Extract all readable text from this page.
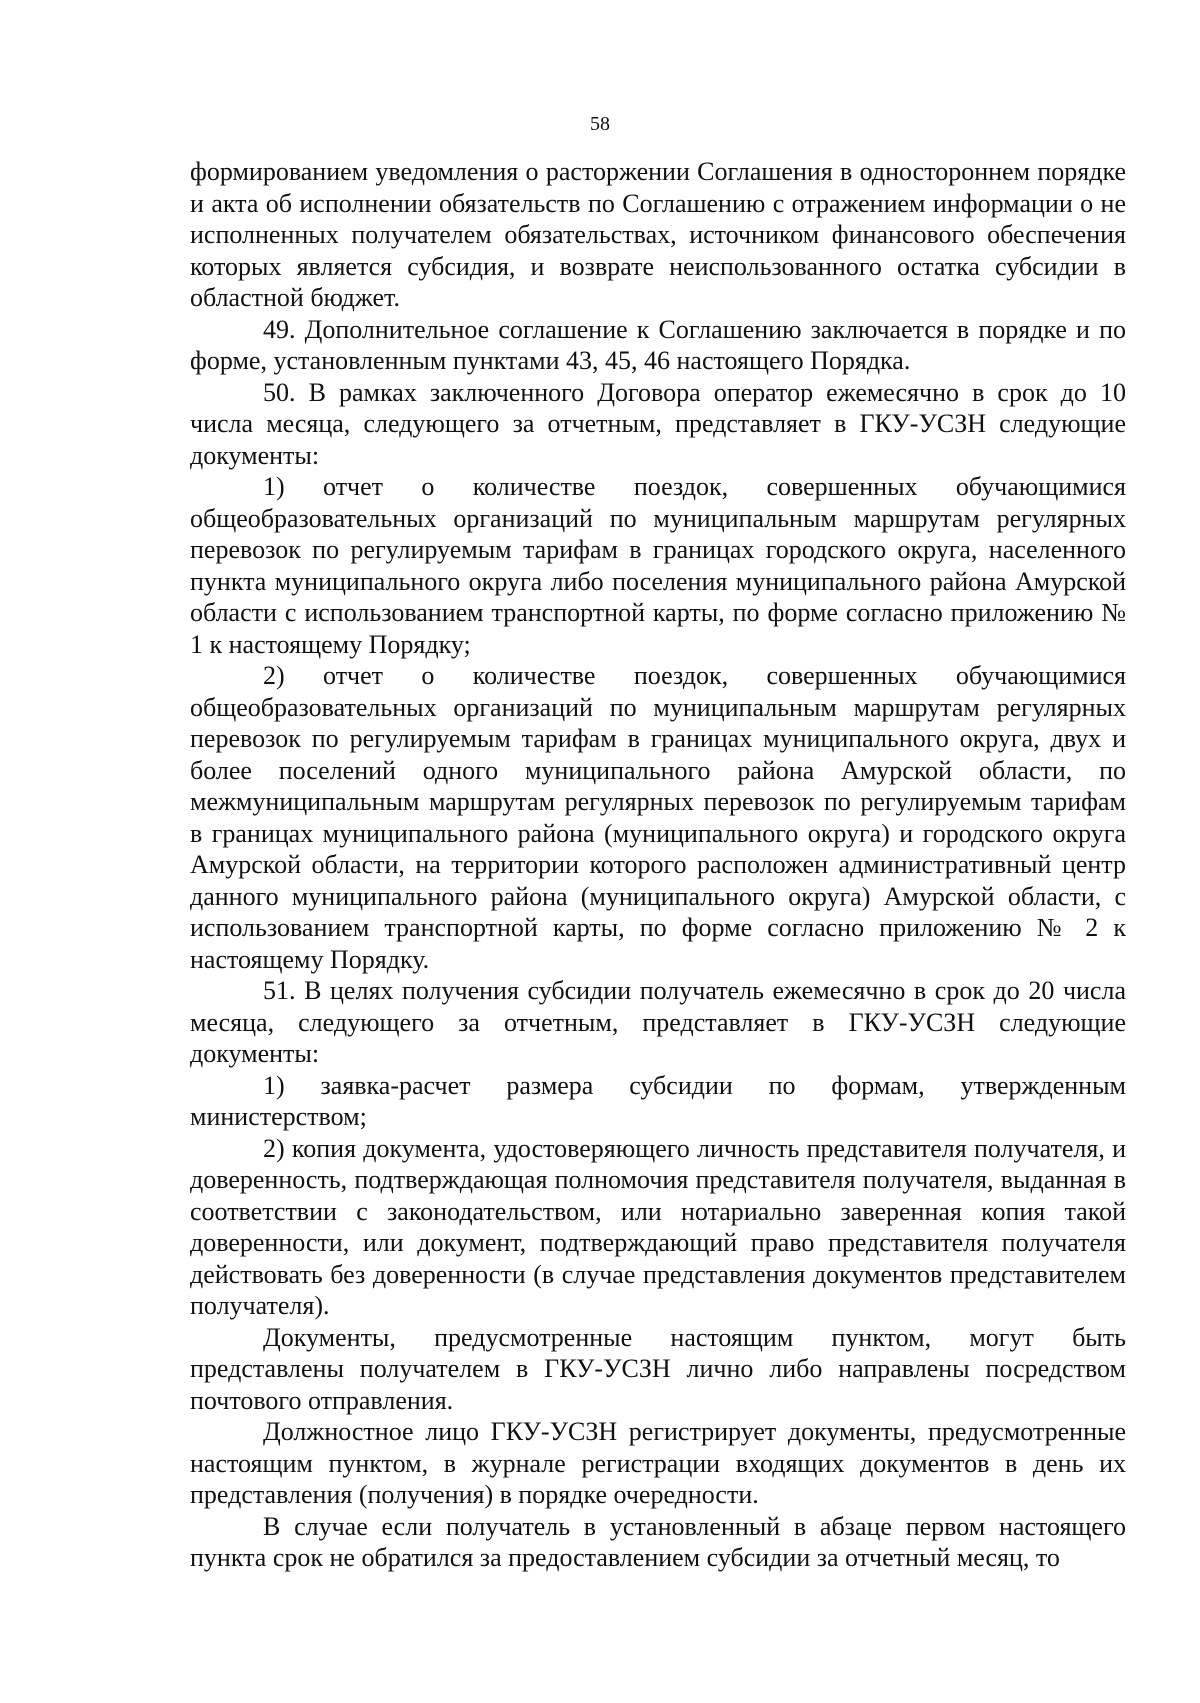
58

формированием уведомления о расторжении Соглашения в одностороннем порядке и акта об исполнении обязательств по Соглашению с отражением информации о не исполненных получателем обязательствах, источником финансового обеспечения которых является субсидия, и возврате неиспользованного остатка субсидии в областной бюджет.

49. Дополнительное соглашение к Соглашению заключается в порядке и по форме, установленным пунктами 43, 45, 46 настоящего Порядка.

50. В рамках заключенного Договора оператор ежемесячно в срок до 10 числа месяца, следующего за отчетным, представляет в ГКУ-УСЗН следующие документы:

1) отчет о количестве поездок, совершенных обучающимися общеобразовательных организаций по муниципальным маршрутам регулярных перевозок по регулируемым тарифам в границах городского округа, населенного пункта муниципального округа либо поселения муниципального района Амурской области с использованием транспортной карты, по форме согласно приложению № 1 к настоящему Порядку;

2) отчет о количестве поездок, совершенных обучающимися общеобразовательных организаций по муниципальным маршрутам регулярных перевозок по регулируемым тарифам в границах муниципального округа, двух и более поселений одного муниципального района Амурской области, по межмуниципальным маршрутам регулярных перевозок по регулируемым тарифам в границах муниципального района (муниципального округа) и городского округа Амурской области, на территории которого расположен административный центр данного муниципального района (муниципального округа) Амурской области, с использованием транспортной карты, по форме согласно приложению № 2 к настоящему Порядку.

51. В целях получения субсидии получатель ежемесячно в срок до 20 числа месяца, следующего за отчетным, представляет в ГКУ-УСЗН следующие документы:

1) заявка-расчет размера субсидии по формам, утвержденным министерством;

2) копия документа, удостоверяющего личность представителя получателя, и доверенность, подтверждающая полномочия представителя получателя, выданная в соответствии с законодательством, или нотариально заверенная копия такой доверенности, или документ, подтверждающий право представителя получателя действовать без доверенности (в случае представления документов представителем получателя).

Документы, предусмотренные настоящим пунктом, могут быть представлены получателем в ГКУ-УСЗН лично либо направлены посредством почтового отправления.

Должностное лицо ГКУ-УСЗН регистрирует документы, предусмотренные настоящим пунктом, в журнале регистрации входящих документов в день их представления (получения) в порядке очередности.

В случае если получатель в установленный в абзаце первом настоящего пункта срок не обратился за предоставлением субсидии за отчетный месяц, то
